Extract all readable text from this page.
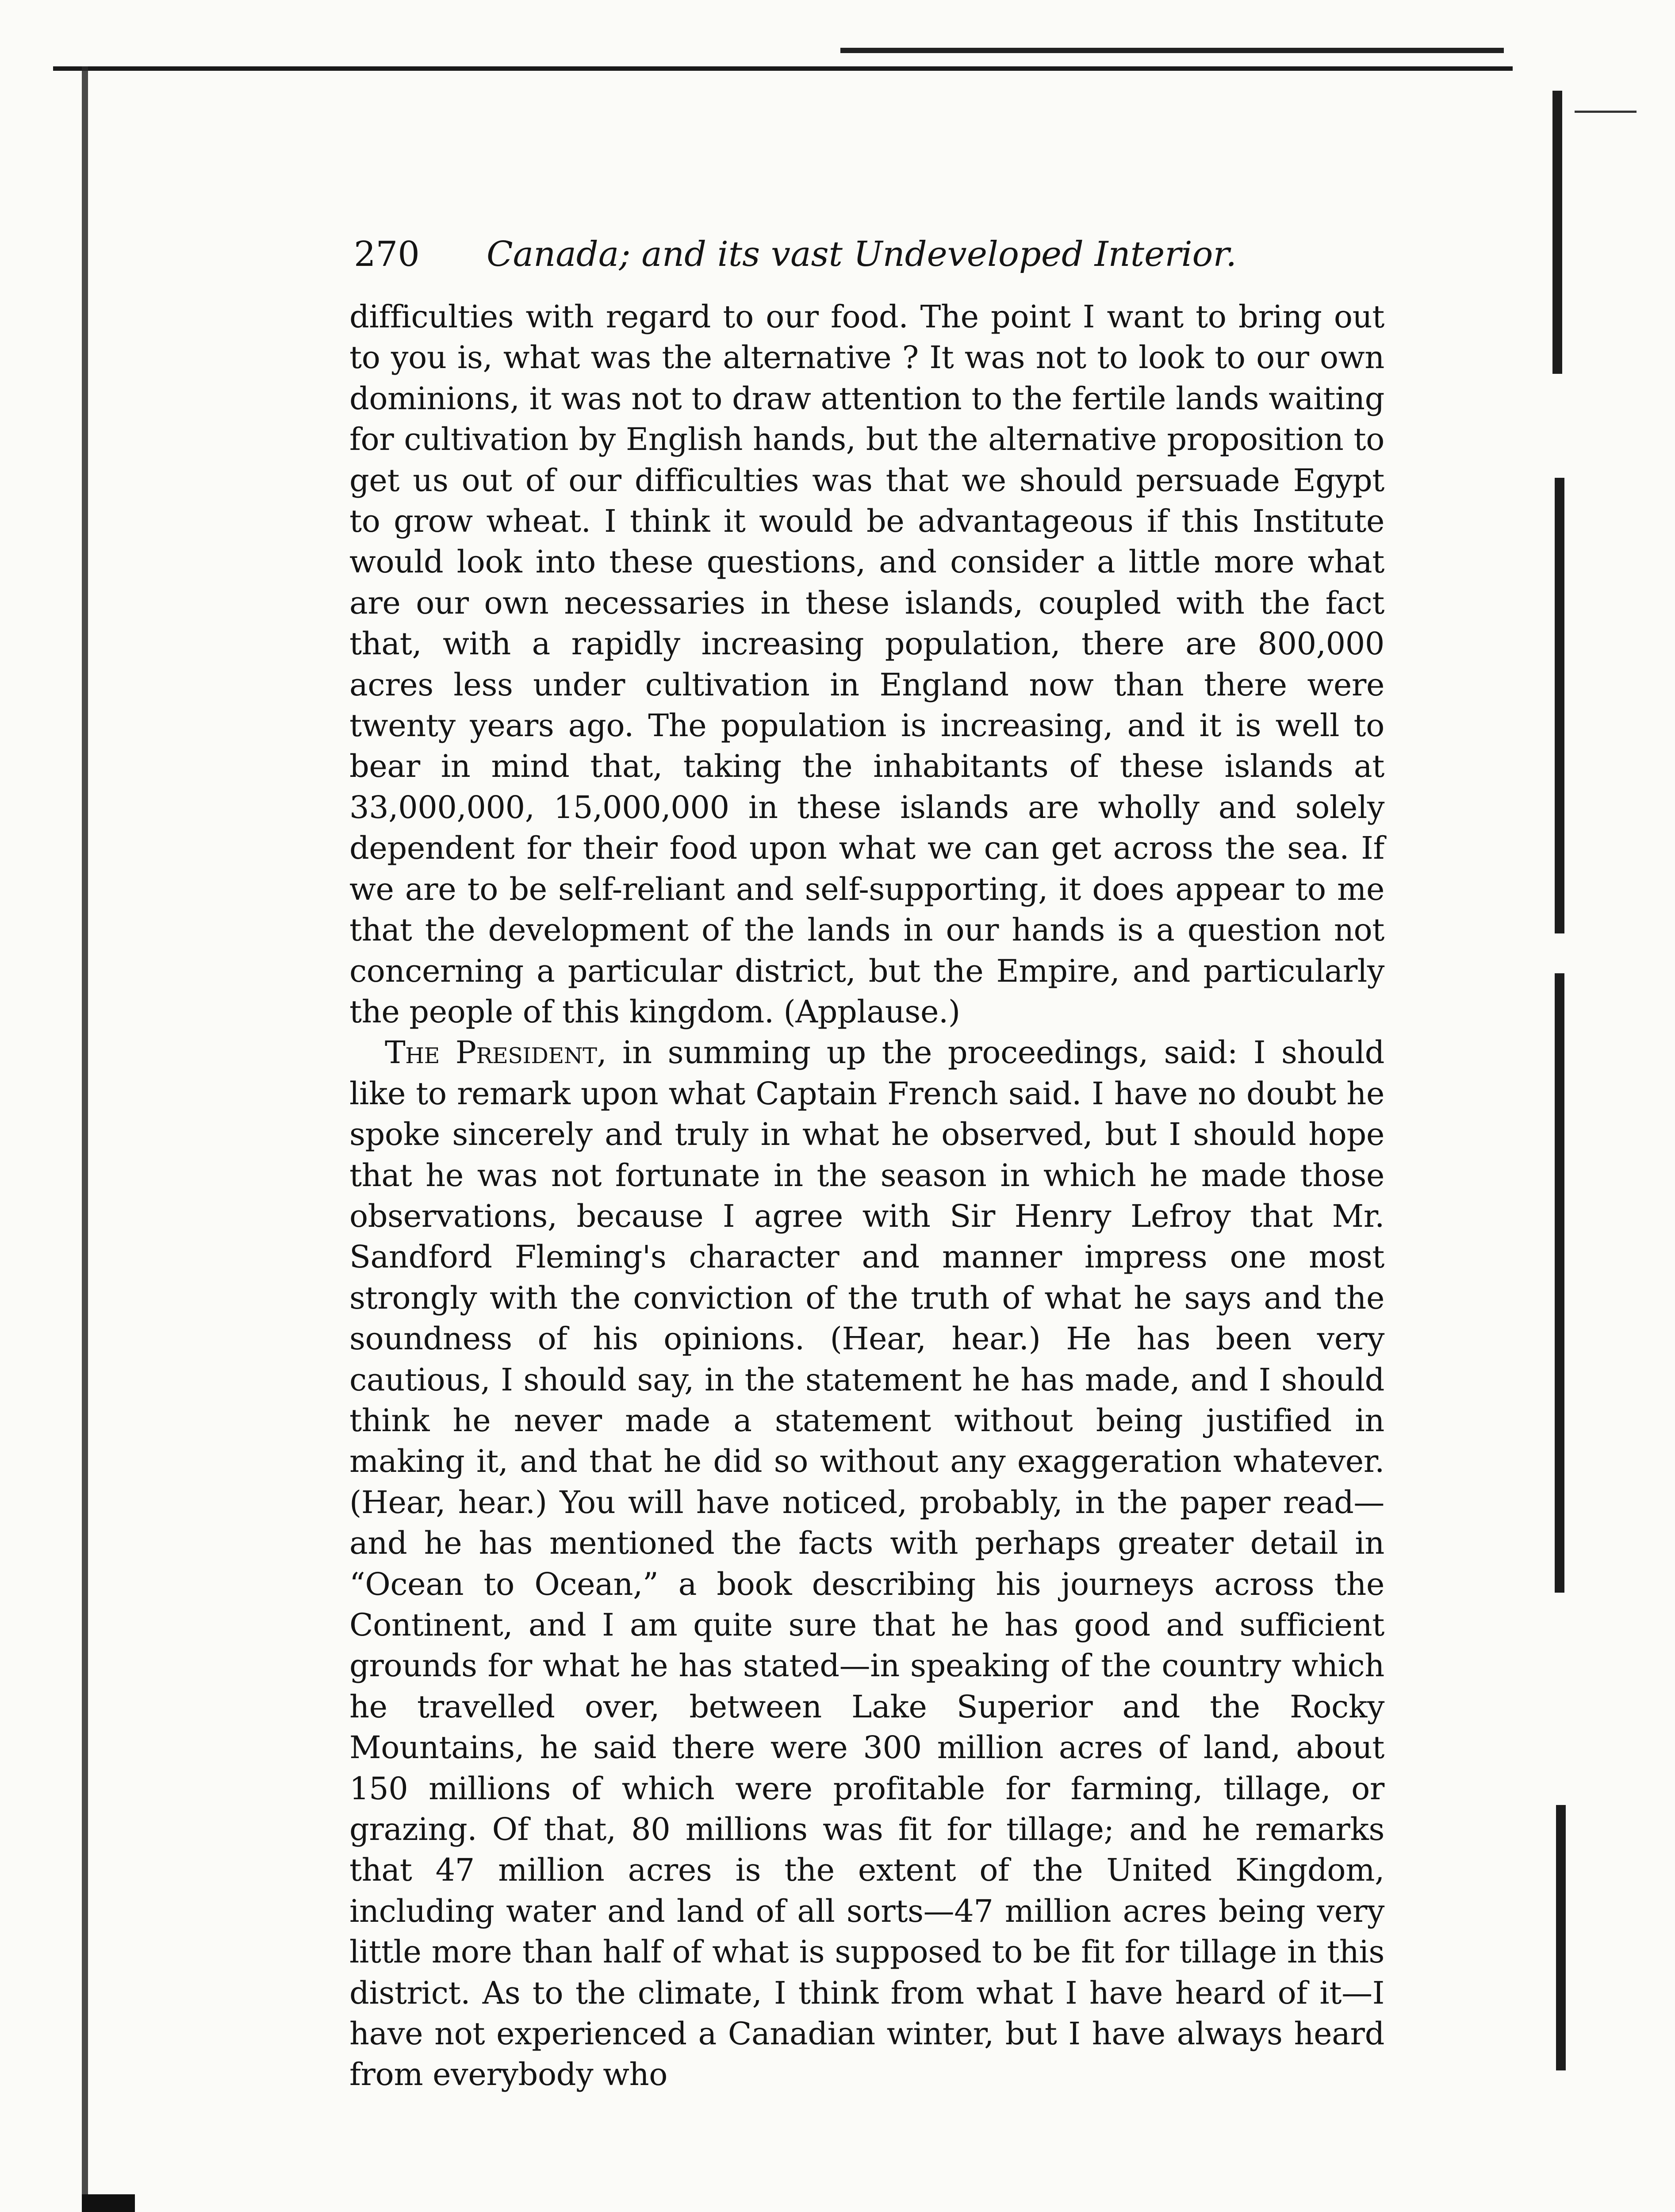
270 Canada; and its vast Undeveloped Interior.

difficulties with regard to our food. The point I want to bring out to you is, what was the alternative ? It was not to look to our own dominions, it was not to draw attention to the fertile lands waiting for cultivation by English hands, but the alternative proposition to get us out of our difficulties was that we should persuade Egypt to grow wheat. I think it would be advantageous if this Institute would look into these questions, and consider a little more what are our own necessaries in these islands, coupled with the fact that, with a rapidly increasing population, there are 800,000 acres less under cultivation in England now than there were twenty years ago. The population is increasing, and it is well to bear in mind that, taking the inhabitants of these islands at 33,000,000, 15,000,000 in these islands are wholly and solely dependent for their food upon what we can get across the sea. If we are to be self-reliant and self-supporting, it does appear to me that the development of the lands in our hands is a question not concerning a particular district, but the Empire, and particularly the people of this kingdom. (Applause.)

The President, in summing up the proceedings, said: I should like to remark upon what Captain French said. I have no doubt he spoke sincerely and truly in what he observed, but I should hope that he was not fortunate in the season in which he made those observations, because I agree with Sir Henry Lefroy that Mr. Sandford Fleming's character and manner impress one most strongly with the conviction of the truth of what he says and the soundness of his opinions. (Hear, hear.) He has been very cautious, I should say, in the statement he has made, and I should think he never made a statement without being justified in making it, and that he did so without any exaggeration whatever. (Hear, hear.) You will have noticed, probably, in the paper read—and he has mentioned the facts with perhaps greater detail in “Ocean to Ocean,” a book describing his journeys across the Continent, and I am quite sure that he has good and sufficient grounds for what he has stated—in speaking of the country which he travelled over, between Lake Superior and the Rocky Mountains, he said there were 300 million acres of land, about 150 millions of which were profitable for farming, tillage, or grazing. Of that, 80 millions was fit for tillage; and he remarks that 47 million acres is the extent of the United Kingdom, including water and land of all sorts—47 million acres being very little more than half of what is supposed to be fit for tillage in this district. As to the climate, I think from what I have heard of it—I have not experienced a Canadian winter, but I have always heard from everybody who
